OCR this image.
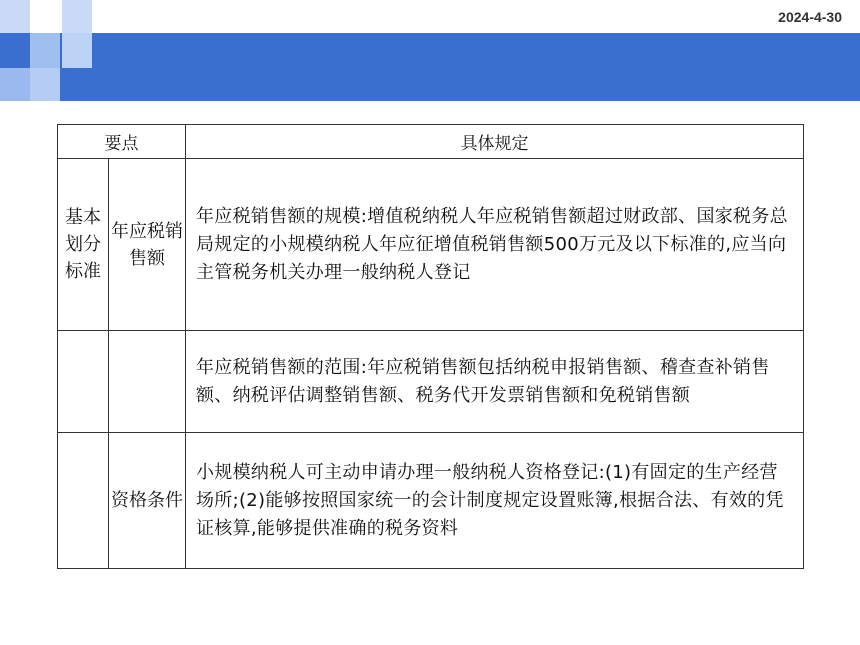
2024-4-30
要点		具体规定
基本划分标准	年应税销售额	年应税销售额的规模:增值税纳税人年应税销售额超过财政部、国家税务总局规定的小规模纳税人年应征增值税销售额500万元及以下标准的,应当向主管税务机关办理一般纳税人登记
		年应税销售额的范围:年应税销售额包括纳税申报销售额、稽查查补销售额、纳税评估调整销售额、税务代开发票销售额和免税销售额
	资格条件	小规模纳税人可主动申请办理一般纳税人资格登记:(1)有固定的生产经营场所;(2)能够按照国家统一的会计制度规定设置账簿,根据合法、有效的凭证核算,能够提供准确的税务资料
